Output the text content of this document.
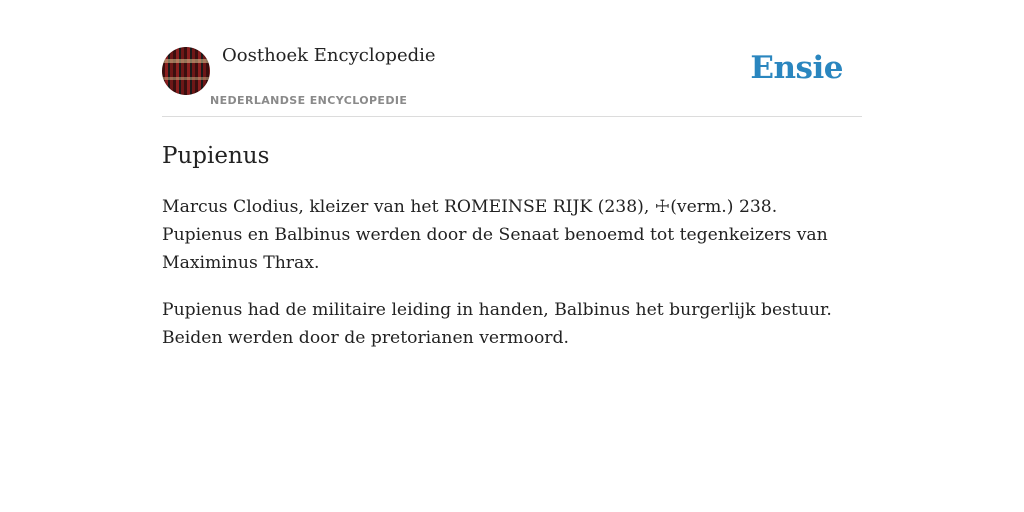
Oosthoek Encyclopedie
NEDERLANDSE ENCYCLOPEDIE
Ensie
Pupienus

Marcus Clodius, kleizer van het ROMEINSE RIJK (238), ☩(verm.) 238. Pupienus en Balbinus werden door de Senaat benoemd tot tegenkeizers van Maximinus Thrax.

Pupienus had de militaire leiding in handen, Balbinus het burgerlijk bestuur. Beiden werden door de pretorianen vermoord.
